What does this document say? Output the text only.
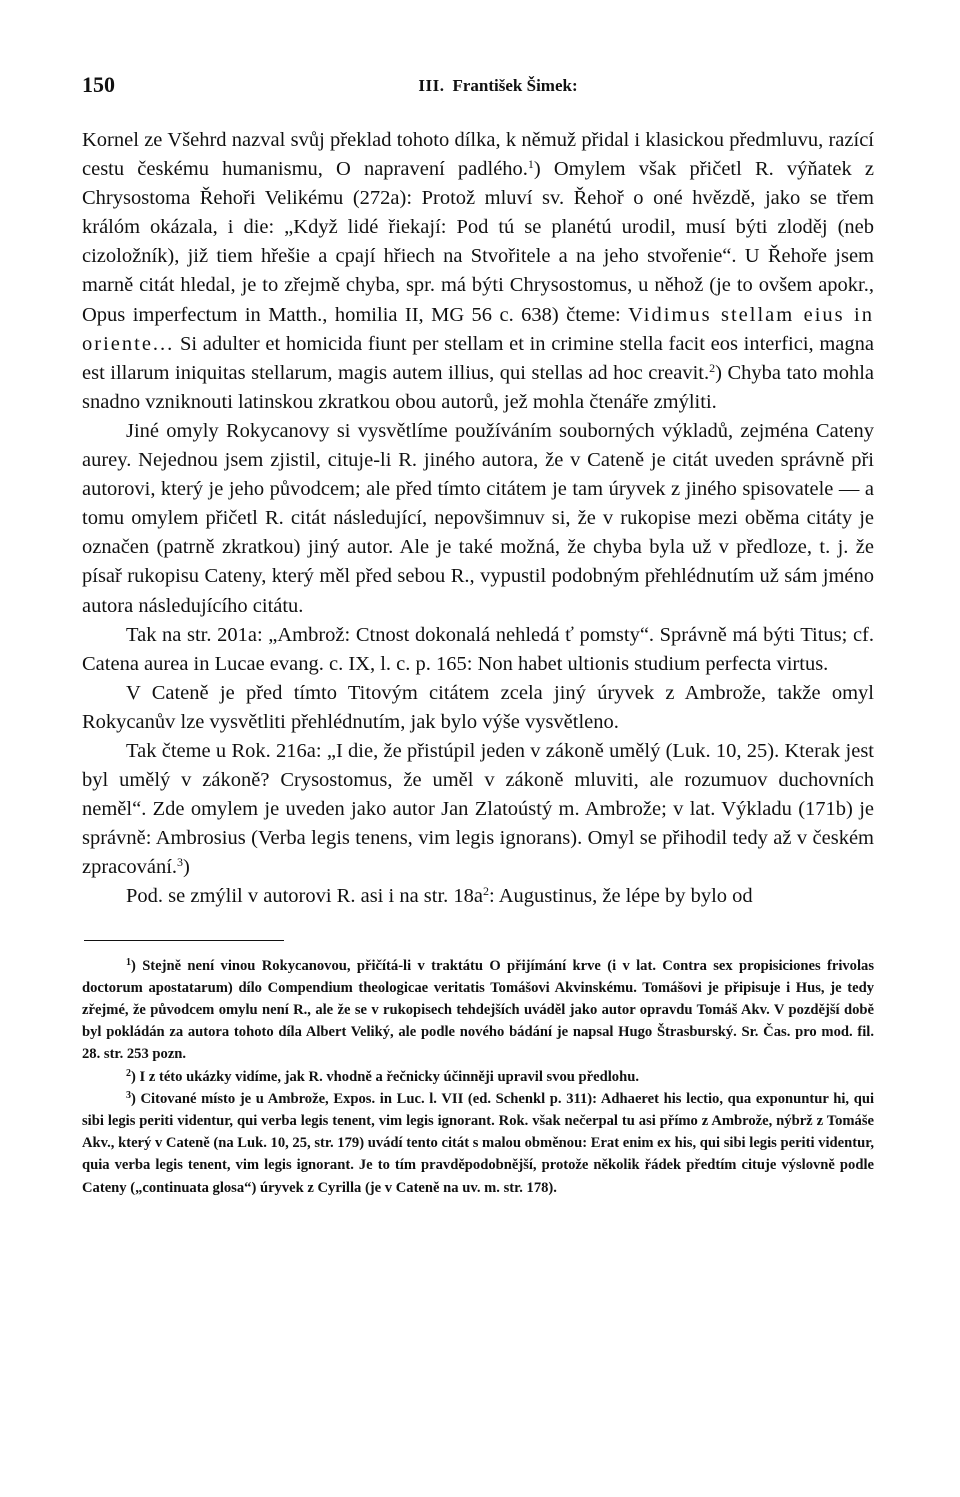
150	III. František Šimek:

Kornel ze Všehrd nazval svůj překlad tohoto dílka, k němuž přidal i klasickou předmluvu, razící cestu českému humanismu, O napravení padlého.$^1$) Omylem však přičetl R. výňatek z Chrysostoma Řehoři Velikému (272a): Protož mluví sv. Řehoř o oné hvězdě, jako se třem králóm okázala, i die: „Když lidé řiekají: Pod tú se planétú urodil, musí býti zloděj (neb cizoložník), již tiem hřešie a cpají hřiech na Stvořitele a na jeho stvořenie“. U Řehoře jsem marně citát hledal, je to zřejmě chyba, spr. má býti Chrysostomus, u něhož (je to ovšem apokr., Opus imperfectum in Matth., homilia II, MG 56 c. 638) čteme: Vidimus stellam eius in oriente... Si adulter et homicida fiunt per stellam et in crimine stella facit eos interfici, magna est illarum iniquitas stellarum, magis autem illius, qui stellas ad hoc creavit.$^2$) Chyba tato mohla snadno vzniknouti latinskou zkratkou obou autorů, jež mohla čtenáře zmýliti.

Jiné omyly Rokycanovy si vysvětlíme používáním souborných výkladů, zejména Cateny aurey. Nejednou jsem zjistil, cituje-li R. jiného autora, že v Cateně je citát uveden správně při autorovi, který je jeho původcem; ale před tímto citátem je tam úryvek z jiného spisovatele — a tomu omylem přičetl R. citát následující, nepovšimnuv si, že v rukopise mezi oběma citáty je označen (patrně zkratkou) jiný autor. Ale je také možná, že chyba byla už v předloze, t. j. že písař rukopisu Cateny, který měl před sebou R., vypustil podobným přehlédnutím už sám jméno autora následujícího citátu.

Tak na str. 201a: „Ambrož: Ctnost dokonalá nehledá ť pomsty“. Správně má býti Titus; cf. Catena aurea in Lucae evang. c. IX, l. c. p. 165: Non habet ultionis studium perfecta virtus.

V Cateně je před tímto Titovým citátem zcela jiný úryvek z Ambrože, takže omyl Rokycanův lze vysvětliti přehlédnutím, jak bylo výše vysvětleno.

Tak čteme u Rok. 216a: „I die, že přistúpil jeden v zákoně umělý (Luk. 10, 25). Kterak jest byl umělý v zákoně? Crysostomus, že uměl v zákoně mluviti, ale rozumuov duchovních neměl“. Zde omylem je uveden jako autor Jan Zlatoústý m. Ambrože; v lat. Výkladu (171b) je správně: Ambrosius (Verba legis tenens, vim legis ignorans). Omyl se přihodil tedy až v českém zpracování.$^3$)

Pod. se zmýlil v autorovi R. asi i na str. $18a^2$: Augustinus, že lépe by bylo od

$^1$) Stejně není vinou Rokycanovou, přičítá-li v traktátu O přijímání krve (i v lat. Contra sex propisiciones frivolas doctorum apostatarum) dílo Compendium theologicae veritatis Tomášovi Akvinskému. Tomášovi je připisuje i Hus, je tedy zřejmé, že původcem omylu není R., ale že se v rukopisech tehdejších uváděl jako autor opravdu Tomáš Akv. V pozdější době byl pokládán za autora tohoto díla Albert Veliký, ale podle nového bádání je napsal Hugo Štrasburský. Sr. Čas. pro mod. fil. 28. str. 253 pozn.

$^2$) I z této ukázky vidíme, jak R. vhodně a řečnicky účinněji upravil svou předlohu.

$^3$) Citované místo je u Ambrože, Expos. in Luc. l. VII (ed. Schenkl p. 311): Adhaeret his lectio, qua exponuntur hi, qui sibi legis periti videntur, qui verba legis tenent, vim legis ignorant. Rok. však nečerpal tu asi přímo z Ambrože, nýbrž z Tomáše Akv., který v Cateně (na Luk. 10, 25, str. 179) uvádí tento citát s malou obměnou: Erat enim ex his, qui sibi legis periti videntur, quia verba legis tenent, vim legis ignorant. Je to tím pravděpodobnější, protože několik řádek předtím cituje výslovně podle Cateny („continuata glosa“) úryvek z Cyrilla (je v Cateně na uv. m. str. 178).
